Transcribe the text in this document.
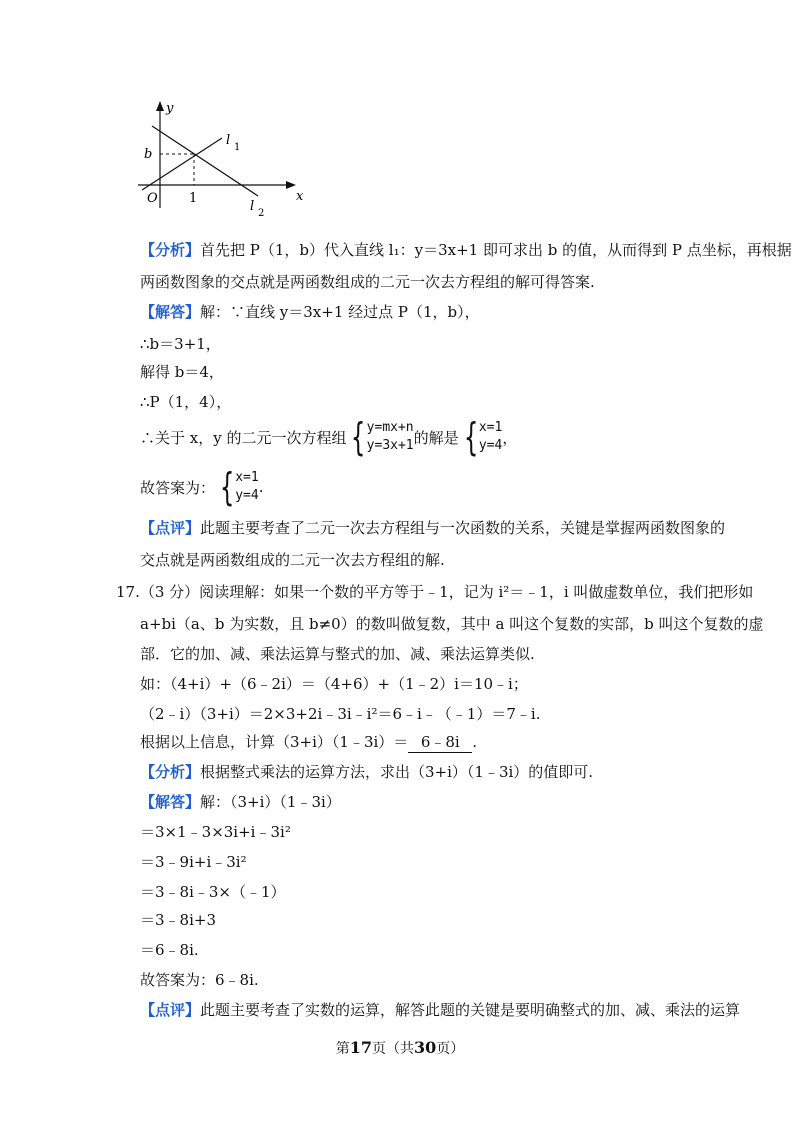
y
x
O
b
1
l 1
l 2
【分析】首先把 P（1，b）代入直线 l₁：y＝3x+1 即可求出 b 的值，从而得到 P 点坐标，再根据
两函数图象的交点就是两函数组成的二元一次去方程组的解可得答案.
【解答】解：∵直线 y＝3x+1 经过点 P（1，b），
∴b＝3+1，
解得 b＝4，
∴P（1，4），
∴关于 x，y 的二元一次方程组 { y=mx+n
y=3x+1 的解是 { x=1
y=4 ，
故答案为： { x=1
y=4 .
【点评】此题主要考查了二元一次去方程组与一次函数的关系，关键是掌握两函数图象的
交点就是两函数组成的二元一次去方程组的解.
17.（3 分）阅读理解：如果一个数的平方等于﹣1，记为 i²＝﹣1，i 叫做虚数单位，我们把形如
a+bi（a、b 为实数，且 b≠0）的数叫做复数，其中 a 叫这个复数的实部，b 叫这个复数的虚
部．它的加、减、乘法运算与整式的加、减、乘法运算类似.
如：（4+i）+（6﹣2i）＝（4+6）+（1﹣2）i＝10﹣i；
（2﹣i）（3+i）＝2×3+2i﹣3i﹣i²＝6﹣i﹣（﹣1）＝7﹣i.
根据以上信息，计算（3+i）（1﹣3i）＝ 6﹣8i .
【分析】根据整式乘法的运算方法，求出（3+i）（1﹣3i）的值即可.
【解答】解：（3+i）（1﹣3i）
＝3×1﹣3×3i+i﹣3i²
＝3﹣9i+i﹣3i²
＝3﹣8i﹣3×（﹣1）
＝3﹣8i+3
＝6﹣8i.
故答案为：6﹣8i.
【点评】此题主要考查了实数的运算，解答此题的关键是要明确整式的加、减、乘法的运算
第17页（共30页）
